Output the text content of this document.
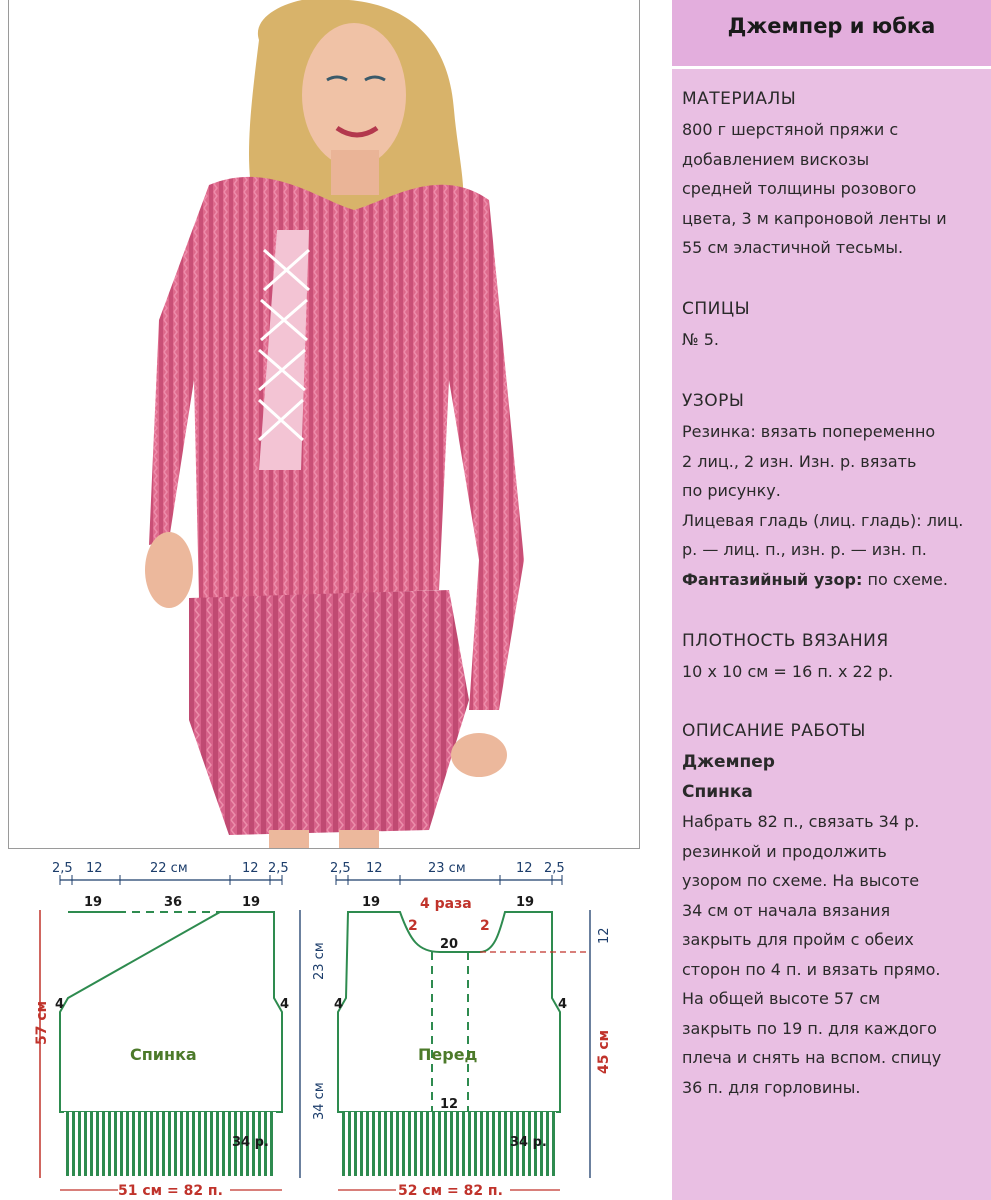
Джемпер и юбка
МАТЕРИАЛЫ
800 г шерстяной пряжи с
добавлением вискозы
средней толщины розового
цвета, 3 м капроновой ленты и
55 см эластичной тесьмы.
СПИЦЫ
№ 5.
УЗОРЫ
Резинка: вязать попеременно
2 лиц., 2 изн. Изн. р. вязать
по рисунку.
Лицевая гладь (лиц. гладь): лиц.
р. — лиц. п., изн. р. — изн. п.
Фантазийный узор: по схеме.
ПЛОТНОСТЬ ВЯЗАНИЯ
10 х 10 см = 16 п. х 22 р.
ОПИСАНИЕ РАБОТЫ
Джемпер
Спинка
Набрать 82 п., связать 34 р.
резинкой и продолжить
узором по схеме. На высоте
34 см от начала вязания
закрыть для пройм с обеих
сторон по 4 п. и вязать прямо.
На общей высоте 57 см
закрыть по 19 п. для каждого
плеча и снять на вспом. спицу
36 п. для горловины.
2,5 12	22 см	12 2,5
19	36	19
4	4
Спинка
34 р.
57 см
23 см
34 см
51 см = 82 п.
2,5 12	23 см	12 2,5
19	4 раза
2	2
20
19
4	4
Перед
12
34 р.
12
45 см
52 см = 82 п.
